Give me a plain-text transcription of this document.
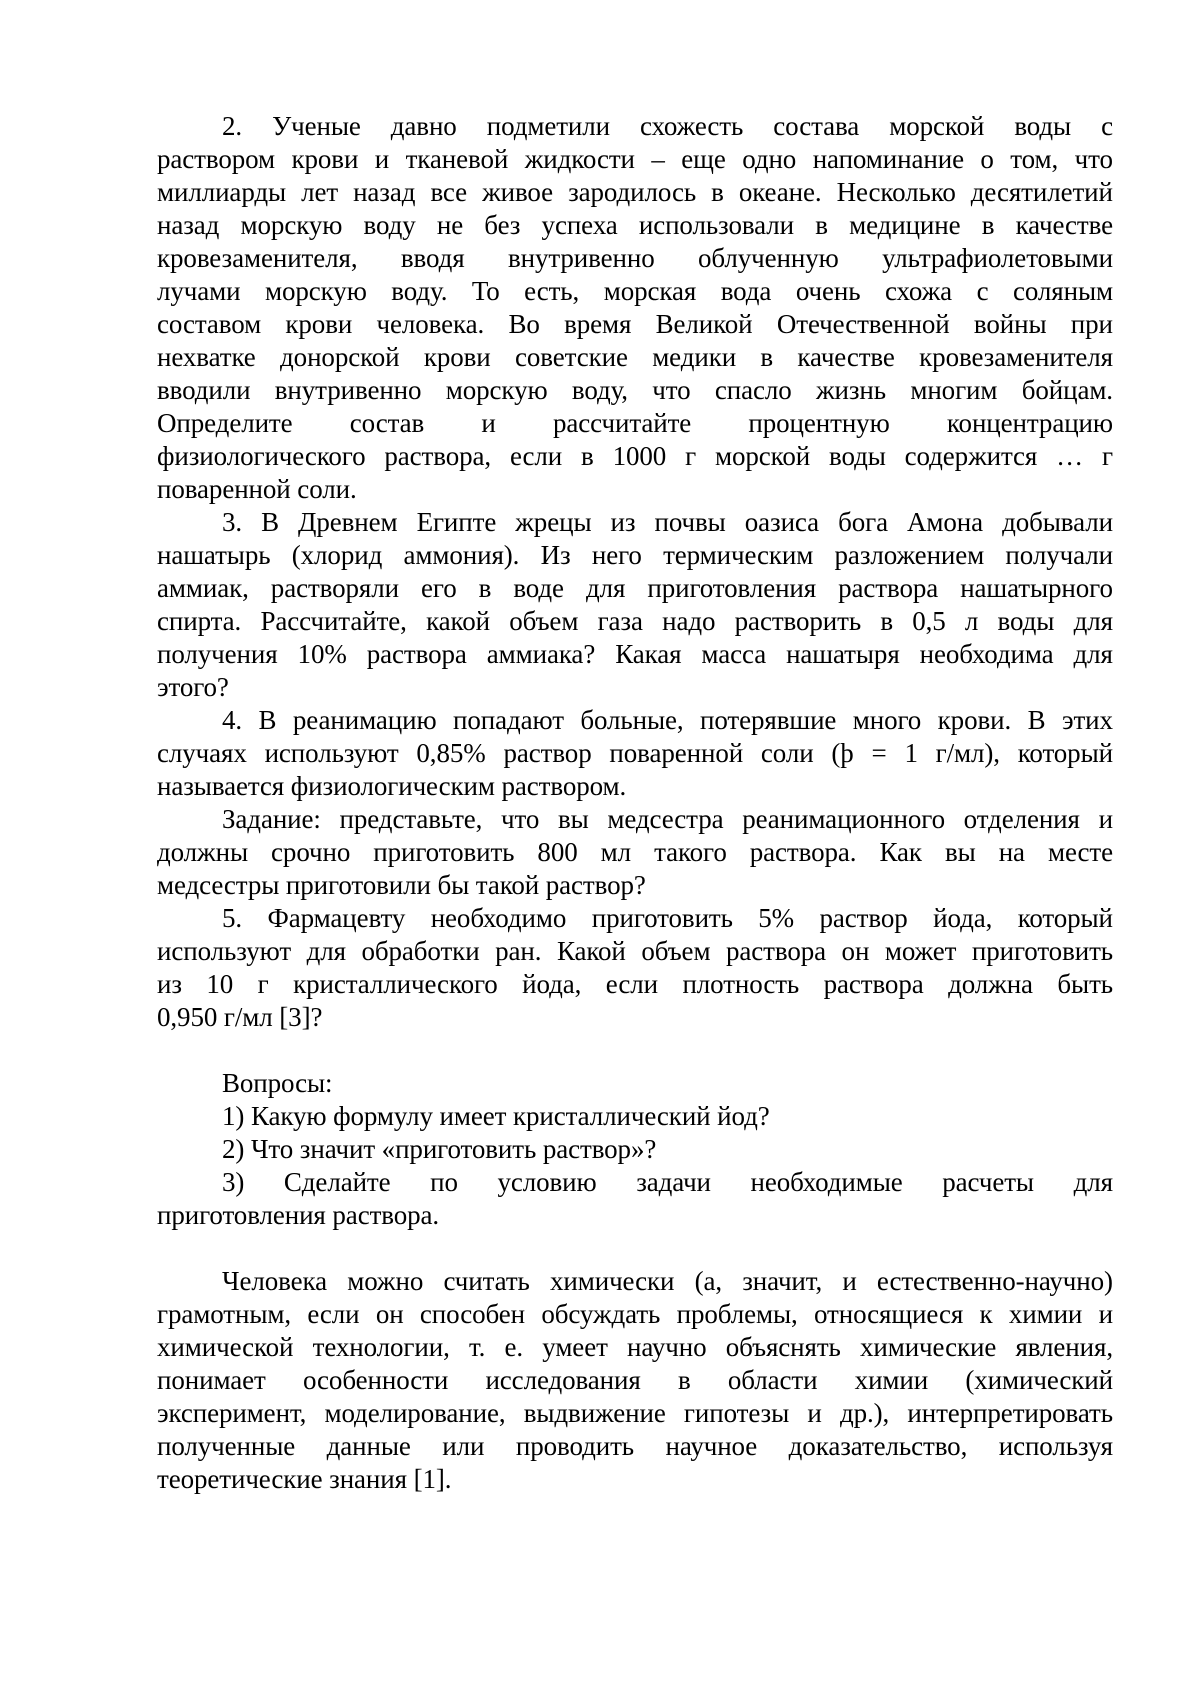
2. Ученые давно подметили схожесть состава морской воды с
раствором крови и тканевой жидкости – еще одно напоминание о том, что
миллиарды лет назад все живое зародилось в океане. Несколько десятилетий
назад морскую воду не без успеха использовали в медицине в качестве
кровезаменителя, вводя внутривенно облученную ультрафиолетовыми
лучами морскую воду. То есть, морская вода очень схожа с соляным
составом крови человека. Во время Великой Отечественной войны при
нехватке донорской крови советские медики в качестве кровезаменителя
вводили внутривенно морскую воду, что спасло жизнь многим бойцам.
Определите состав и рассчитайте процентную концентрацию
физиологического раствора, если в 1000 г морской воды содержится … г
поваренной соли.
3. В Древнем Египте жрецы из почвы оазиса бога Амона добывали
нашатырь (хлорид аммония). Из него термическим разложением получали
аммиак, растворяли его в воде для приготовления раствора нашатырного
спирта. Рассчитайте, какой объем газа надо растворить в 0,5 л воды для
получения 10% раствора аммиака? Какая масса нашатыря необходима для
этого?
4. В реанимацию попадают больные, потерявшие много крови. В этих
случаях используют 0,85% раствор поваренной соли (þ = 1 г/мл), который
называется физиологическим раствором.
Задание: представьте, что вы медсестра реанимационного отделения и
должны срочно приготовить 800 мл такого раствора. Как вы на месте
медсестры приготовили бы такой раствор?
5. Фармацевту необходимо приготовить 5% раствор йода, который
используют для обработки ран. Какой объем раствора он может приготовить
из 10 г кристаллического йода, если плотность раствора должна быть
0,950 г/мл [3]?
Вопросы:
1) Какую формулу имеет кристаллический йод?
2) Что значит «приготовить раствор»?
3) Сделайте по условию задачи необходимые расчеты для
приготовления раствора.
Человека можно считать химически (а, значит, и естественно-научно)
грамотным, если он способен обсуждать проблемы, относящиеся к химии и
химической технологии, т. е. умеет научно объяснять химические явления,
понимает особенности исследования в области химии (химический
эксперимент, моделирование, выдвижение гипотезы и др.), интерпретировать
полученные данные или проводить научное доказательство, используя
теоретические знания [1].
